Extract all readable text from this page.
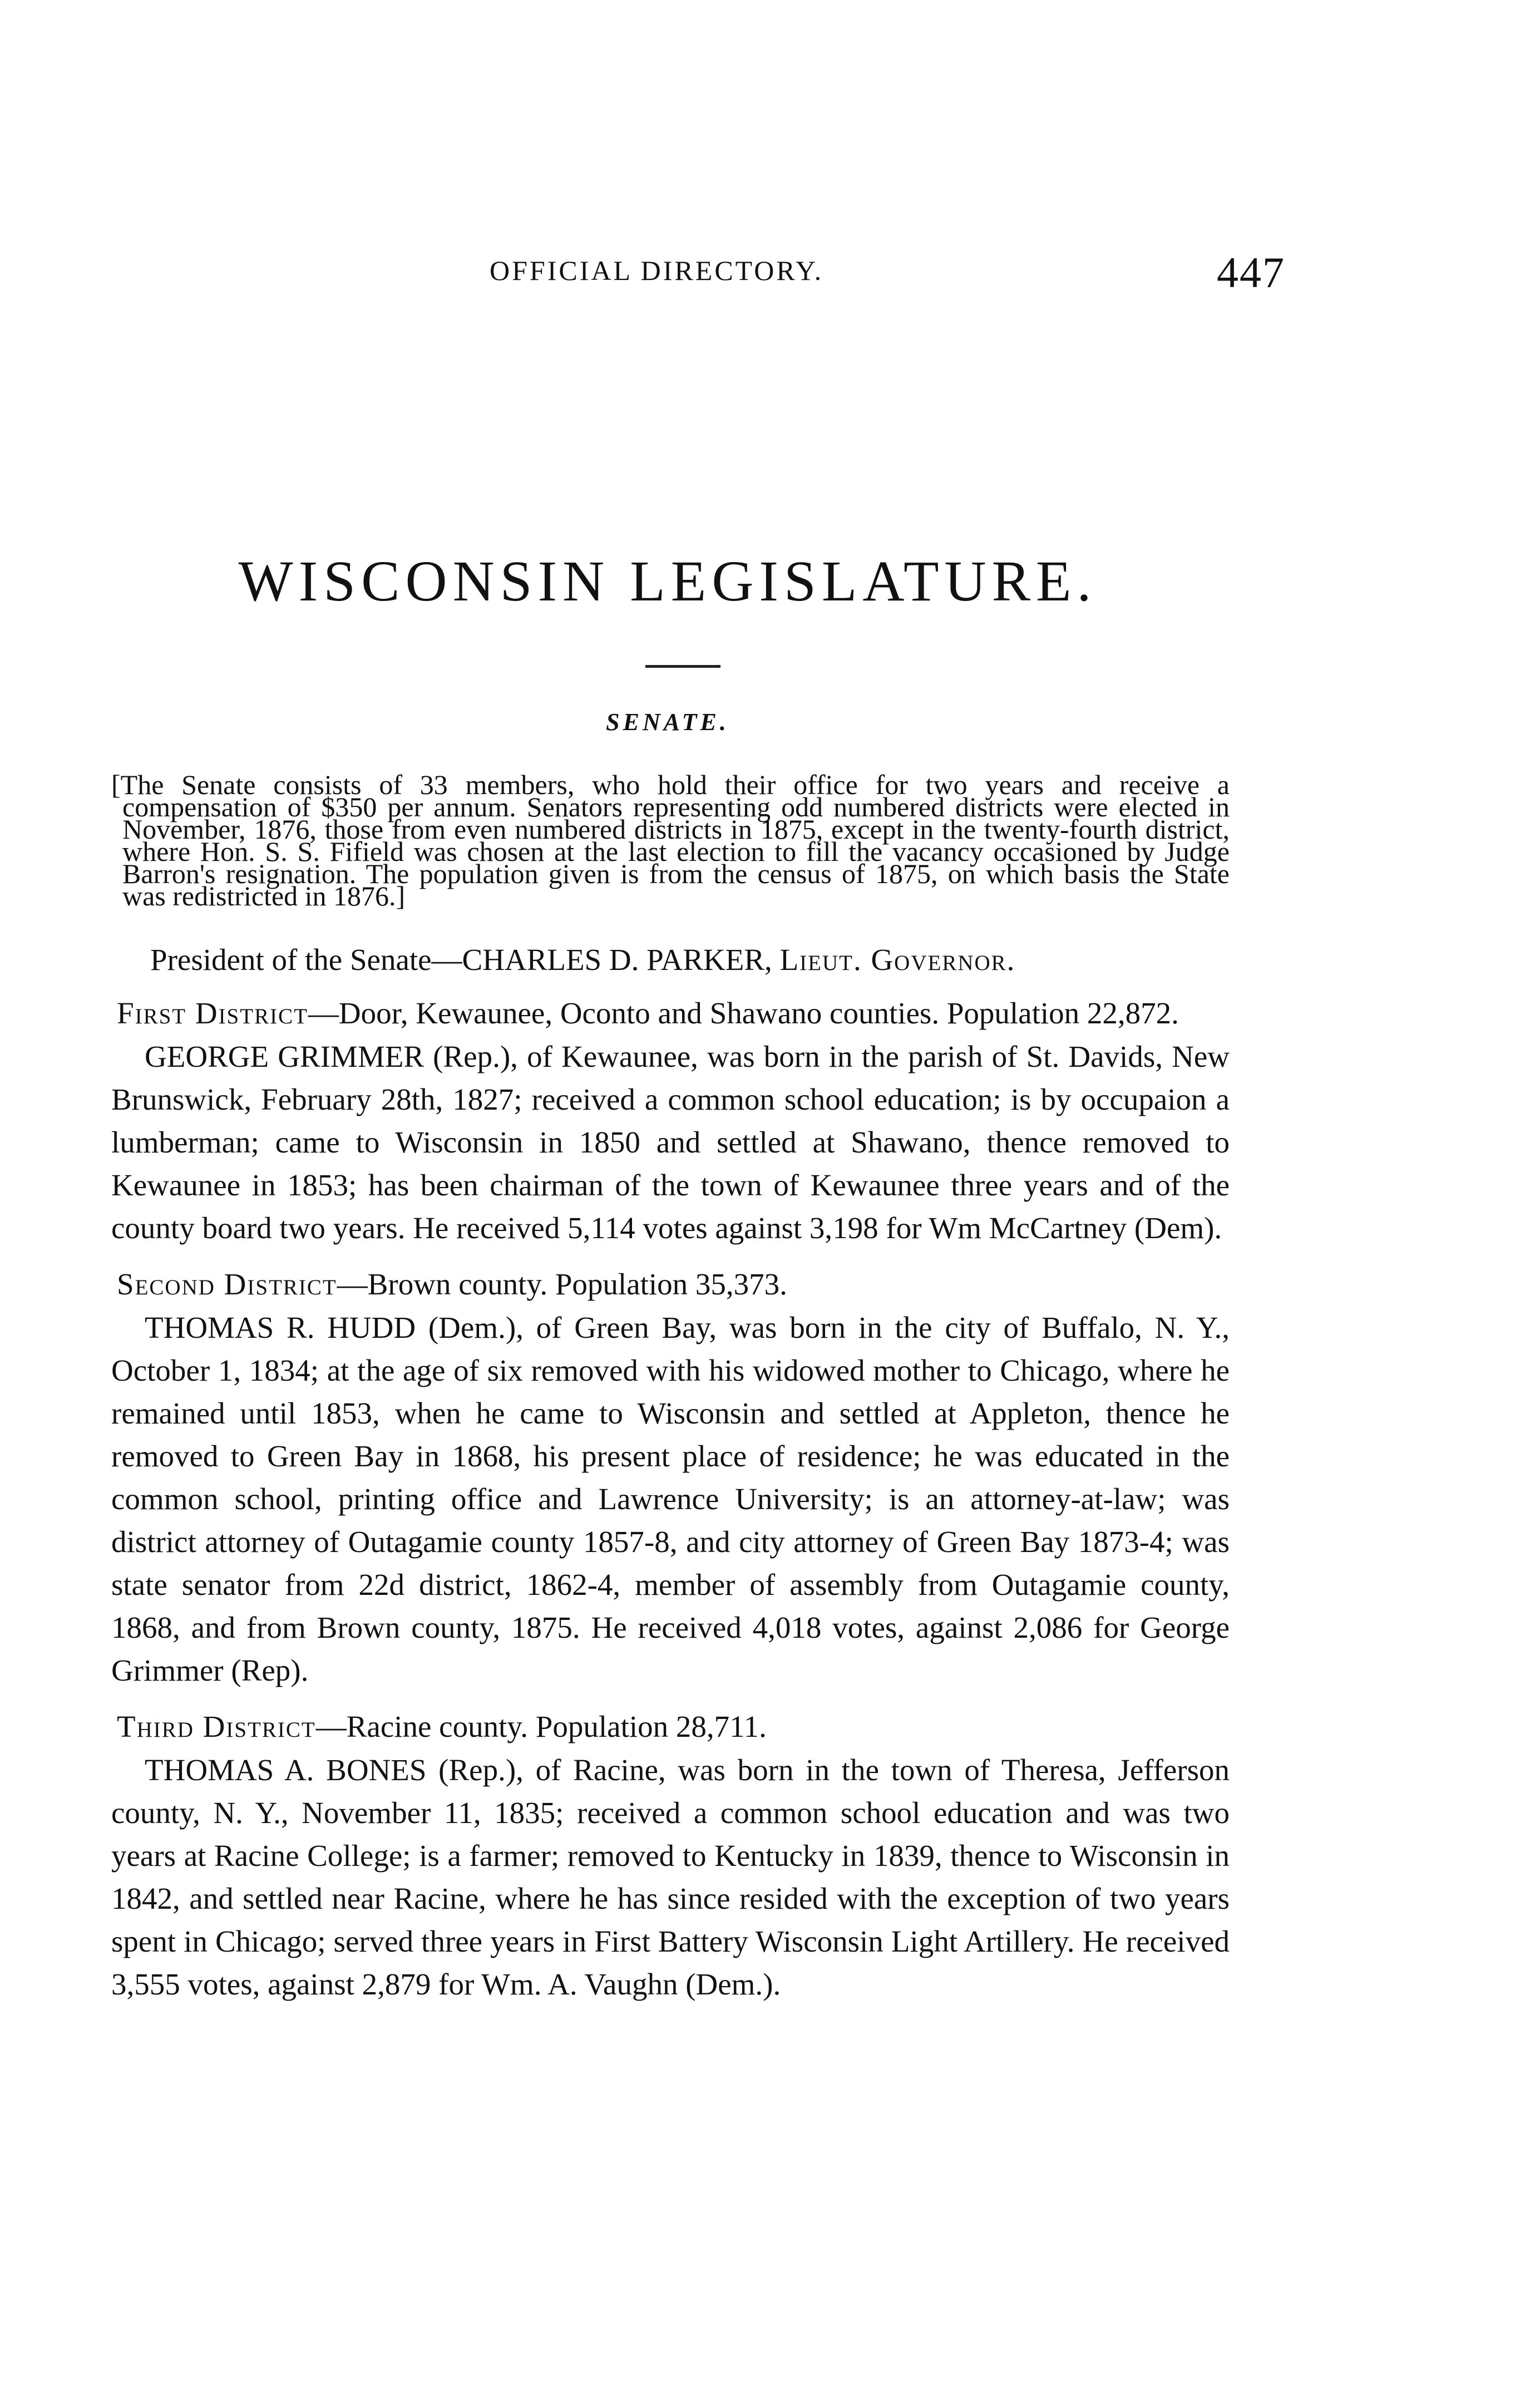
OFFICIAL DIRECTORY.	447
WISCONSIN LEGISLATURE.
SENATE.

[The Senate consists of 33 members, who hold their office for two years and receive a compensation of $350 per annum. Senators representing odd numbered districts were elected in November, 1876, those from even numbered districts in 1875, except in the twenty-fourth district, where Hon. S. S. Fifield was chosen at the last election to fill the vacancy occasioned by Judge Barron's resignation. The population given is from the census of 1875, on which basis the State was redistricted in 1876.]

President of the Senate—CHARLES D. PARKER, Lieut. Governor.

First District—Door, Kewaunee, Oconto and Shawano counties. Population 22,872.

GEORGE GRIMMER (Rep.), of Kewaunee, was born in the parish of St. Davids, New Brunswick, February 28th, 1827; received a common school education; is by occupaion a lumberman; came to Wisconsin in 1850 and settled at Shawano, thence removed to Kewaunee in 1853; has been chairman of the town of Kewaunee three years and of the county board two years. He received 5,114 votes against 3,198 for Wm McCartney (Dem).

Second District—Brown county. Population 35,373.

THOMAS R. HUDD (Dem.), of Green Bay, was born in the city of Buffalo, N. Y., October 1, 1834; at the age of six removed with his widowed mother to Chicago, where he remained until 1853, when he came to Wisconsin and settled at Appleton, thence he removed to Green Bay in 1868, his present place of residence; he was educated in the common school, printing office and Lawrence University; is an attorney-at-law; was district attorney of Outagamie county 1857-8, and city attorney of Green Bay 1873-4; was state senator from 22d district, 1862-4, member of assembly from Outagamie county, 1868, and from Brown county, 1875. He received 4,018 votes, against 2,086 for George Grimmer (Rep).

Third District—Racine county. Population 28,711.

THOMAS A. BONES (Rep.), of Racine, was born in the town of Theresa, Jefferson county, N. Y., November 11, 1835; received a common school education and was two years at Racine College; is a farmer; removed to Kentucky in 1839, thence to Wisconsin in 1842, and settled near Racine, where he has since resided with the exception of two years spent in Chicago; served three years in First Battery Wisconsin Light Artillery. He received 3,555 votes, against 2,879 for Wm. A. Vaughn (Dem.).
